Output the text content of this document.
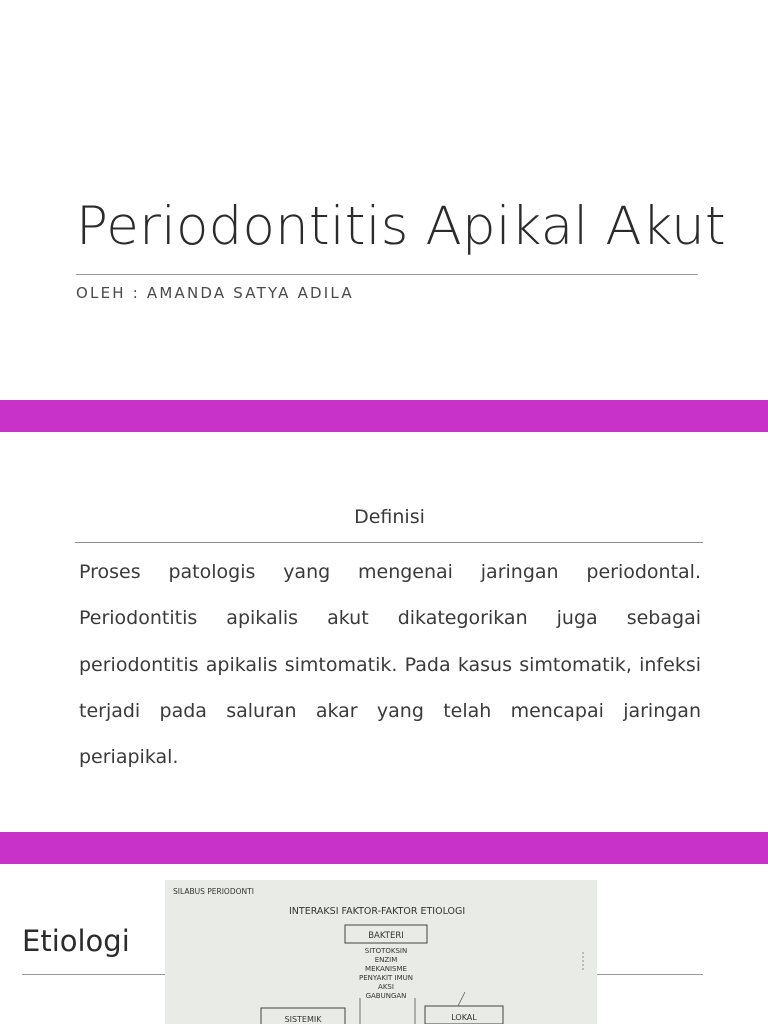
Periodontitis Apikal Akut
OLEH : AMANDA SATYA ADILA
Definisi

Proses patologis yang mengenai jaringan periodontal. Periodontitis apikalis akut dikategorikan juga sebagai periodontitis apikalis simtomatik. Pada kasus simtomatik, infeksi terjadi pada saluran akar yang telah mencapai jaringan periapikal.

Etiologi
SILABUS PERIODONTI
INTERAKSI FAKTOR-FAKTOR ETIOLOGI
BAKTERI
SITOTOKSIN
ENZIM
MEKANISME
PENYAKIT IMUN
AKSI
GABUNGAN
SISTEMIK	LOKAL
